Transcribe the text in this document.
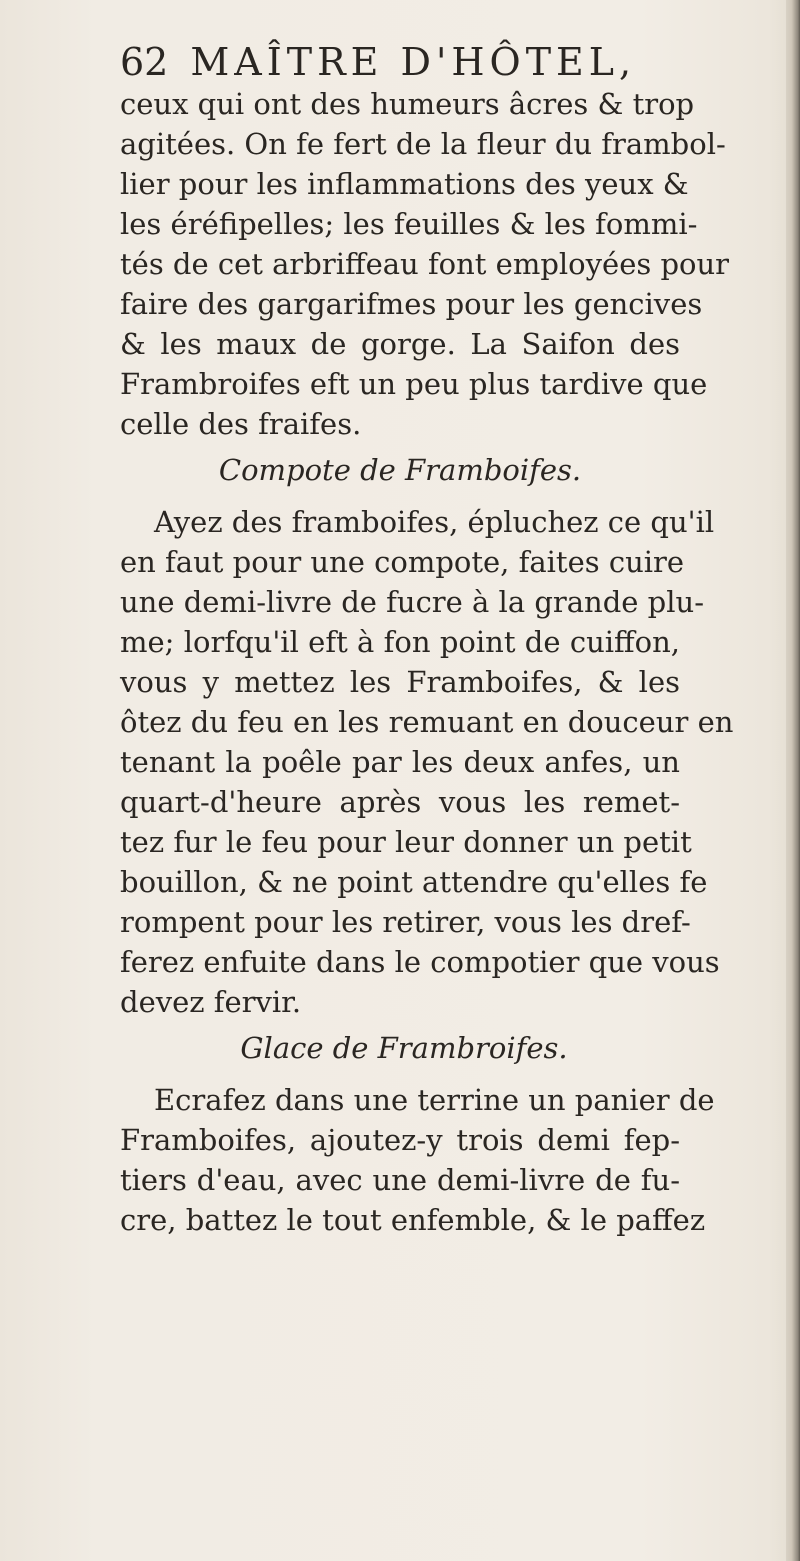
62 MAÎTRE D'HÔTEL,
ceux qui ont des humeurs âcres & trop
agitées. On fe fert de la fleur du frambol-
lier pour les inflammations des yeux &
les éréfipelles; les feuilles & les fommi-
tés de cet arbriffeau font employées pour
faire des gargarifmes pour les gencives
& les maux de gorge. La Saifon des
Frambroifes eft un peu plus tardive que
celle des fraifes.
Compote de Framboifes.
Ayez des framboifes, épluchez ce qu'il
en faut pour une compote, faites cuire
une demi-livre de fucre à la grande plu-
me; lorfqu'il eft à fon point de cuiffon,
vous y mettez les Framboifes, & les
ôtez du feu en les remuant en douceur en
tenant la poêle par les deux anfes, un
quart-d'heure après vous les remet-
tez fur le feu pour leur donner un petit
bouillon, & ne point attendre qu'elles fe
rompent pour les retirer, vous les dref-
ferez enfuite dans le compotier que vous
devez fervir.
Glace de Frambroifes.
Ecrafez dans une terrine un panier de
Framboifes, ajoutez-y trois demi fep-
tiers d'eau, avec une demi-livre de fu-
cre, battez le tout enfemble, & le paffez
